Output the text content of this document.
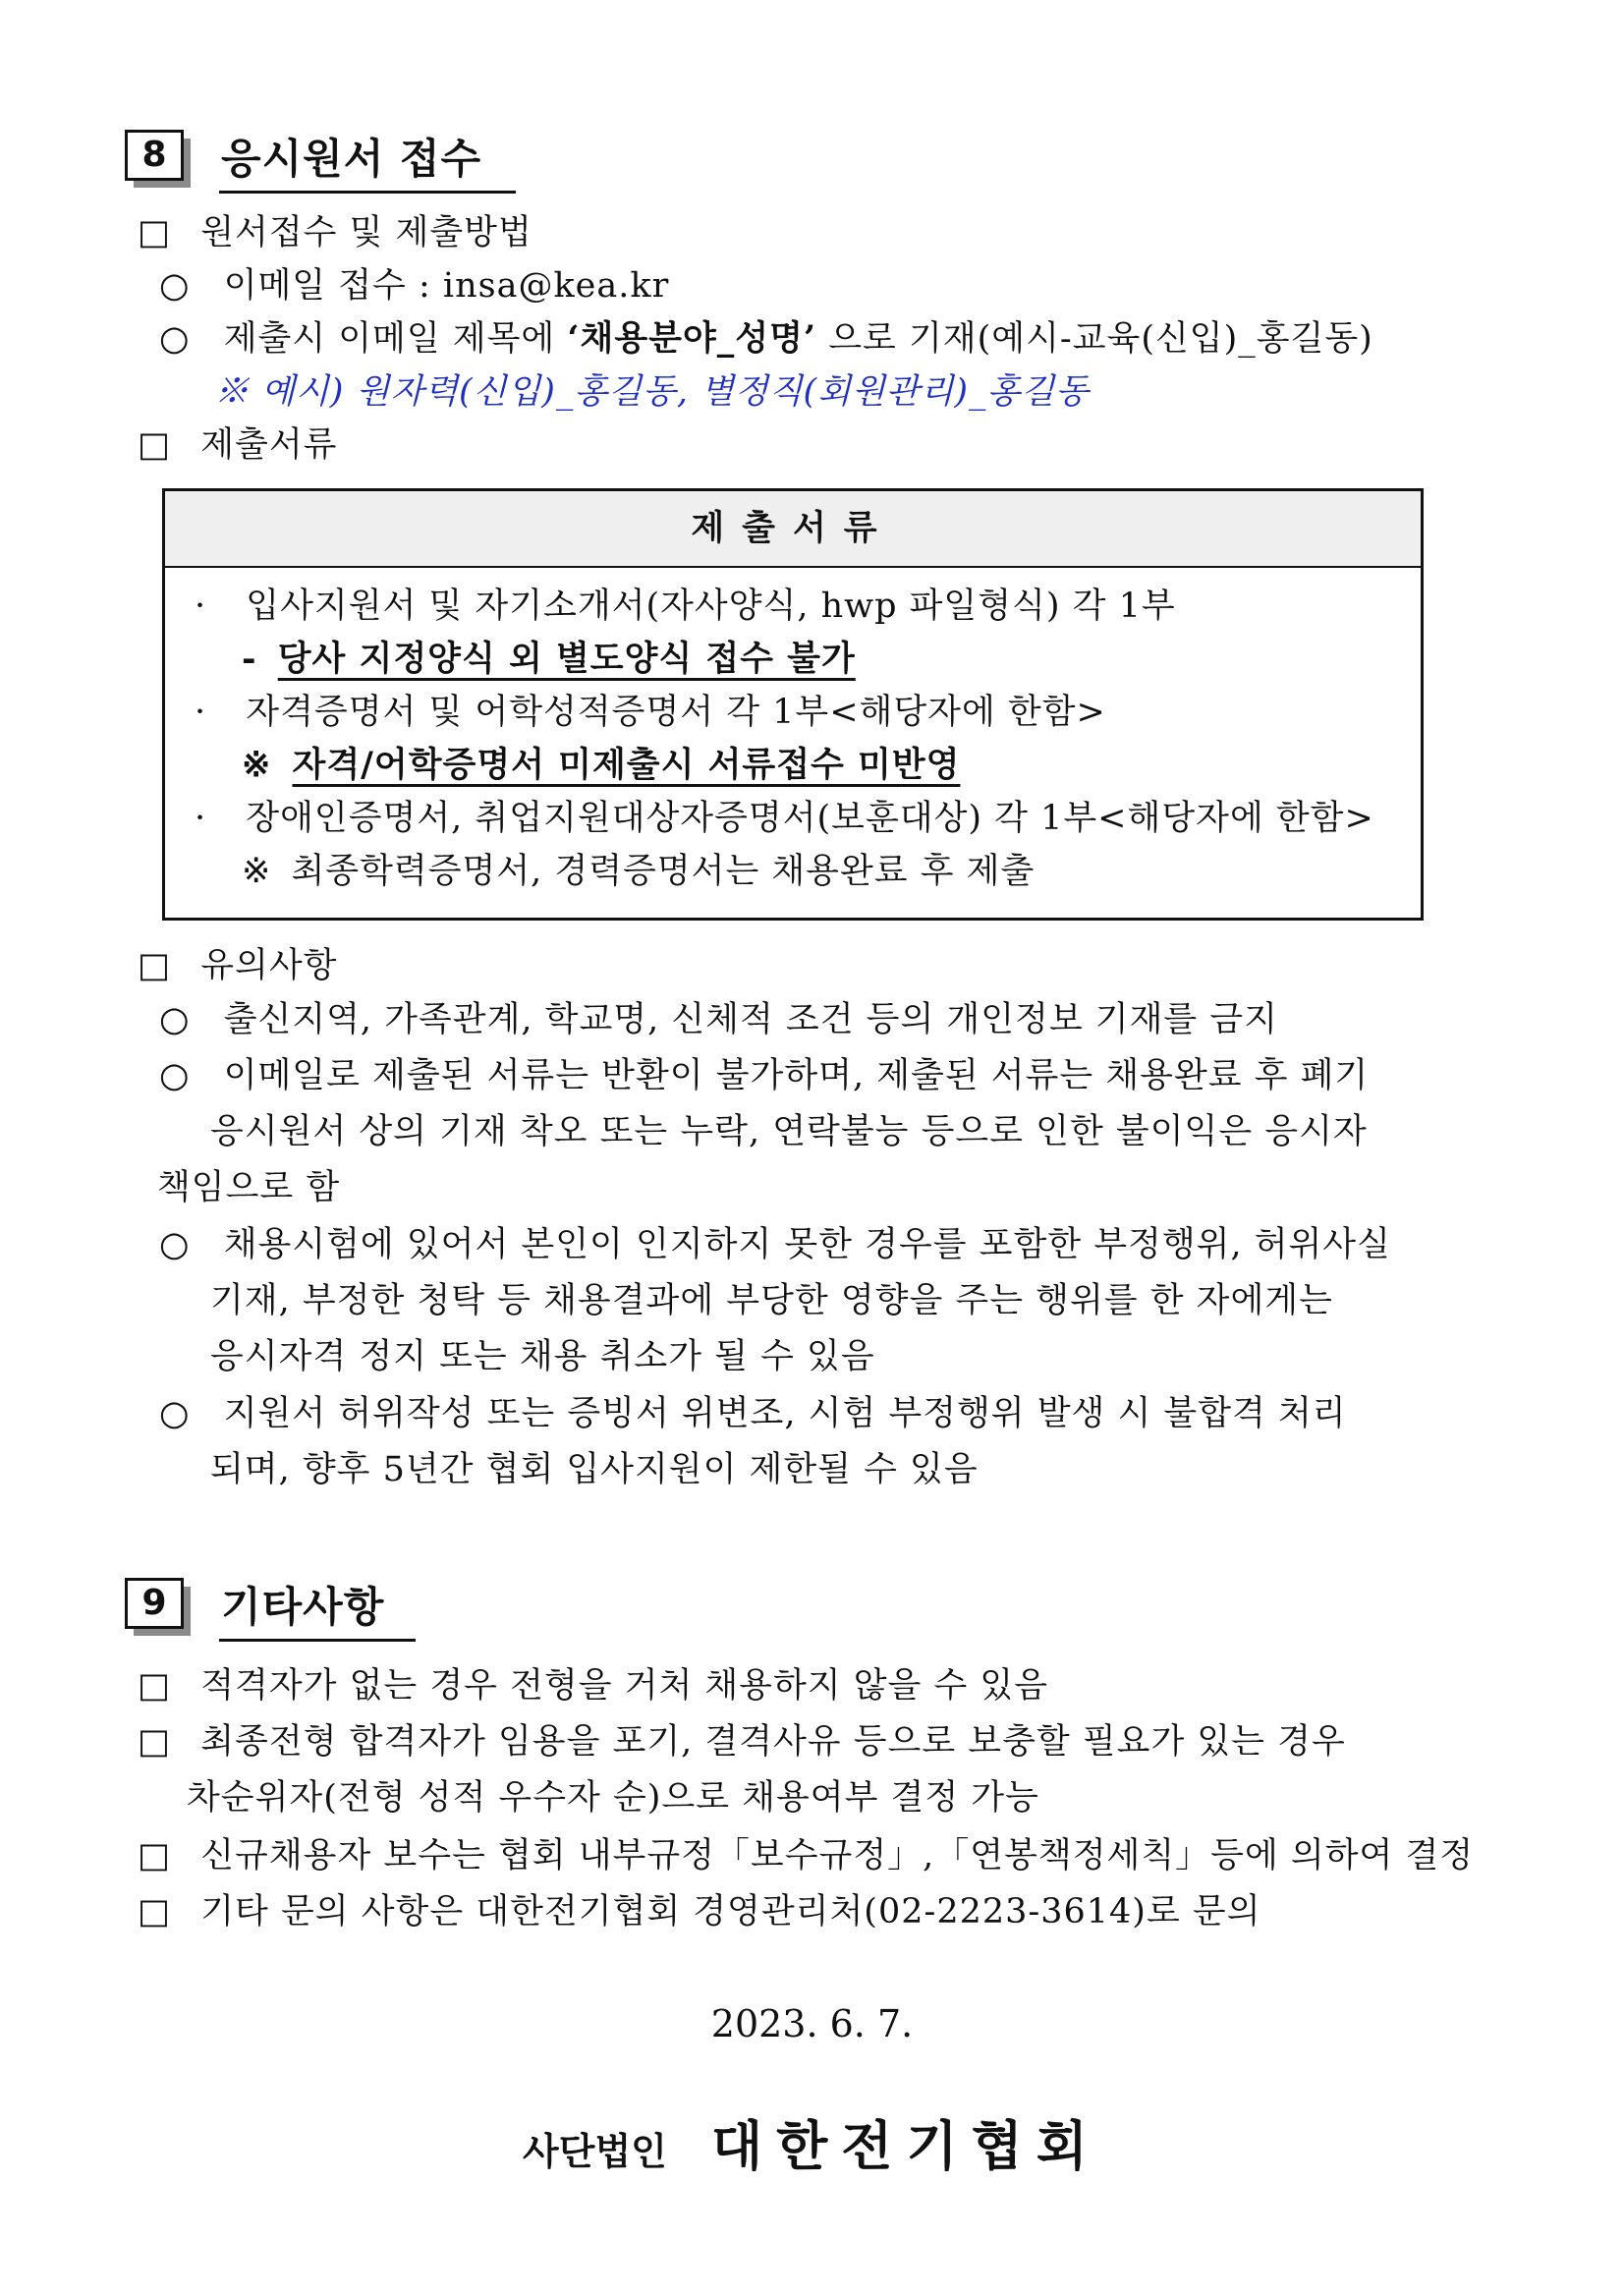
8	응시원서 접수
□ 원서접수 및 제출방법
○ 이메일 접수 : insa@kea.kr
○ 제출시 이메일 제목에 ‘채용분야_성명’ 으로 기재(예시-교육(신입)_홍길동)
※ 예시) 원자력(신입)_홍길동, 별정직(회원관리)_홍길동
□ 제출서류
제출서류
· 입사지원서 및 자기소개서(자사양식, hwp 파일형식) 각 1부
- 당사 지정양식 외 별도양식 접수 불가
· 자격증명서 및 어학성적증명서 각 1부<해당자에 한함>
※ 자격/어학증명서 미제출시 서류접수 미반영
· 장애인증명서, 취업지원대상자증명서(보훈대상) 각 1부<해당자에 한함>
※ 최종학력증명서, 경력증명서는 채용완료 후 제출
□ 유의사항
○ 출신지역, 가족관계, 학교명, 신체적 조건 등의 개인정보 기재를 금지
○ 이메일로 제출된 서류는 반환이 불가하며, 제출된 서류는 채용완료 후 폐기
응시원서 상의 기재 착오 또는 누락, 연락불능 등으로 인한 불이익은 응시자
책임으로 함
○ 채용시험에 있어서 본인이 인지하지 못한 경우를 포함한 부정행위, 허위사실
기재, 부정한 청탁 등 채용결과에 부당한 영향을 주는 행위를 한 자에게는
응시자격 정지 또는 채용 취소가 될 수 있음
○ 지원서 허위작성 또는 증빙서 위변조, 시험 부정행위 발생 시 불합격 처리
되며, 향후 5년간 협회 입사지원이 제한될 수 있음
9	기타사항
□ 적격자가 없는 경우 전형을 거처 채용하지 않을 수 있음
□ 최종전형 합격자가 임용을 포기, 결격사유 등으로 보충할 필요가 있는 경우
차순위자(전형 성적 우수자 순)으로 채용여부 결정 가능
□ 신규채용자 보수는 협회 내부규정「보수규정」,「연봉책정세칙」등에 의하여 결정
□ 기타 문의 사항은 대한전기협회 경영관리처(02-2223-3614)로 문의
2023. 6. 7.
사단법인 대한전기협회
